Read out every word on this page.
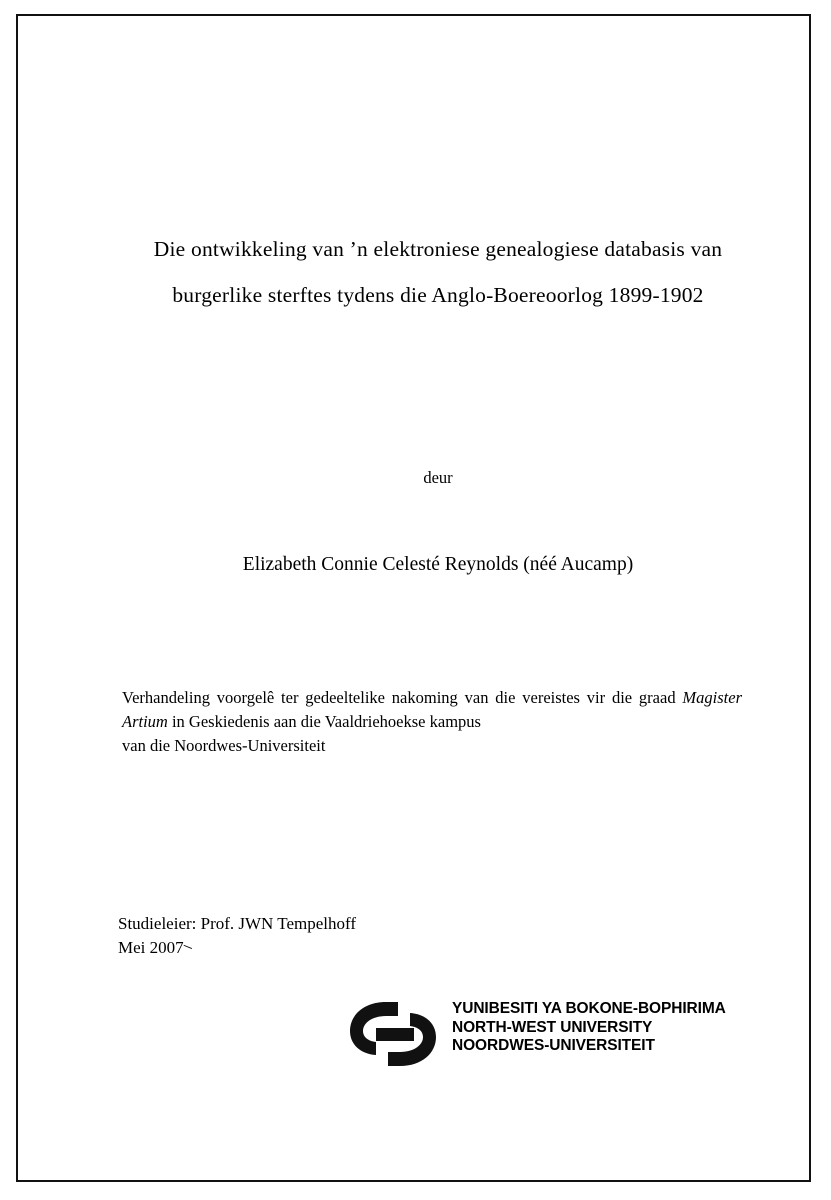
Die ontwikkeling van ’n elektroniese genealogiese databasis van
burgerlike sterftes tydens die Anglo-Boereoorlog 1899-1902
deur
Elizabeth Connie Celesté Reynolds (néé Aucamp)

Verhandeling voorgelê ter gedeeltelike nakoming van die vereistes vir die graad Magister Artium in Geskiedenis aan die Vaaldriehoekse kampus

van die Noordwes-Universiteit

Studieleier: Prof. JWN Tempelhoff
Mei 2007
–
YUNIBESITI YA BOKONE-BOPHIRIMA
NORTH-WEST UNIVERSITY
NOORDWES-UNIVERSITEIT
